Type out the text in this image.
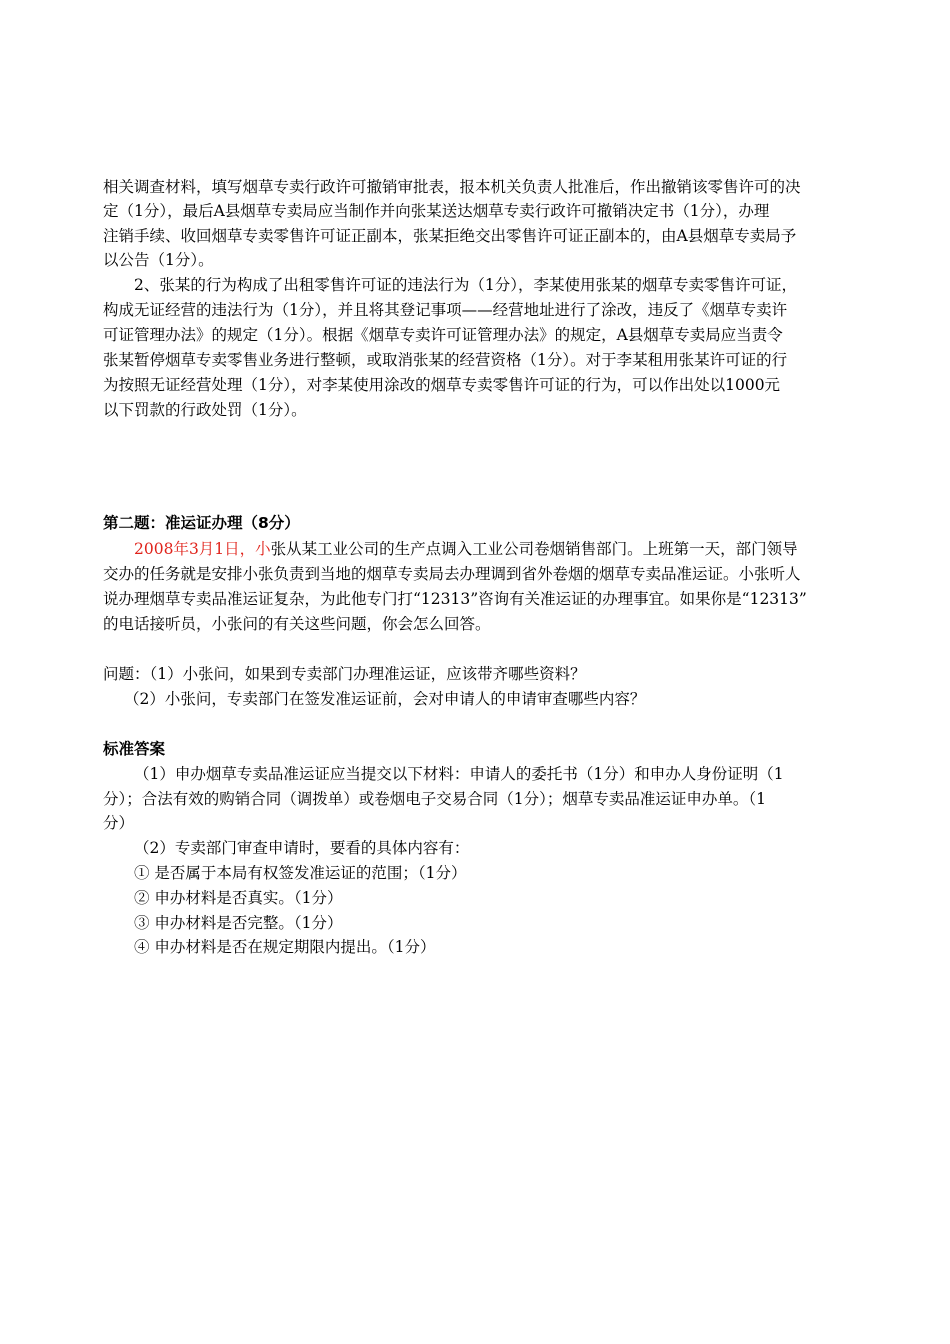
相关调查材料，填写烟草专卖行政许可撤销审批表，报本机关负责人批准后，作出撤销该零售许可的决
定（1分），最后A县烟草专卖局应当制作并向张某送达烟草专卖行政许可撤销决定书（1分），办理
注销手续、收回烟草专卖零售许可证正副本，张某拒绝交出零售许可证正副本的，由A县烟草专卖局予
以公告（1分）。
2、张某的行为构成了出租零售许可证的违法行为（1分），李某使用张某的烟草专卖零售许可证，
构成无证经营的违法行为（1分），并且将其登记事项——经营地址进行了涂改，违反了《烟草专卖许
可证管理办法》的规定（1分）。根据《烟草专卖许可证管理办法》的规定，A县烟草专卖局应当责令
张某暂停烟草专卖零售业务进行整顿，或取消张某的经营资格（1分）。对于李某租用张某许可证的行
为按照无证经营处理（1分），对李某使用涂改的烟草专卖零售许可证的行为，可以作出处以1000元
以下罚款的行政处罚（1分）。
第二题：准运证办理（8分）
2008年3月1日，小张从某工业公司的生产点调入工业公司卷烟销售部门。上班第一天，部门领导
交办的任务就是安排小张负责到当地的烟草专卖局去办理调到省外卷烟的烟草专卖品准运证。小张听人
说办理烟草专卖品准运证复杂，为此他专门打“12313”咨询有关准运证的办理事宜。如果你是“12313”
的电话接听员，小张问的有关这些问题，你会怎么回答。
问题：（1）小张问，如果到专卖部门办理准运证，应该带齐哪些资料？
（2）小张问，专卖部门在签发准运证前，会对申请人的申请审查哪些内容？
标准答案
（1）申办烟草专卖品准运证应当提交以下材料：申请人的委托书（1分）和申办人身份证明（1
分）；合法有效的购销合同（调拨单）或卷烟电子交易合同（1分）；烟草专卖品准运证申办单。（1
分）
（2）专卖部门审查申请时，要看的具体内容有：
① 是否属于本局有权签发准运证的范围；（1分）
② 申办材料是否真实。（1分）
③ 申办材料是否完整。（1分）
④ 申办材料是否在规定期限内提出。（1分）
